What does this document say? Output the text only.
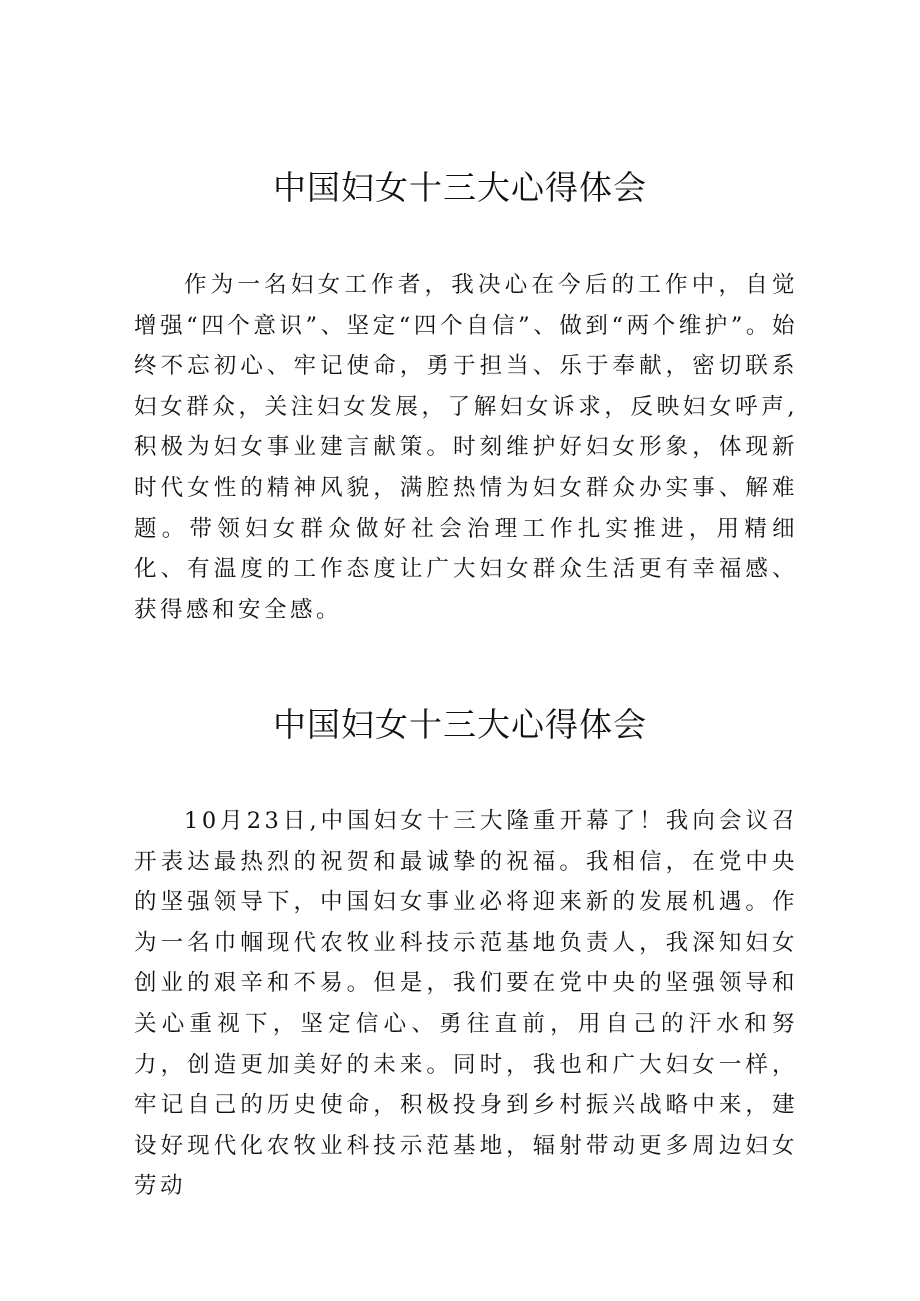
中国妇女十三大心得体会

作为一名妇女工作者，我决心在今后的工作中，自觉增强“四个意识”、坚定“四个自信”、做到“两个维护”。始终不忘初心、牢记使命，勇于担当、乐于奉献，密切联系妇女群众，关注妇女发展，了解妇女诉求，反映妇女呼声,积极为妇女事业建言献策。时刻维护好妇女形象，体现新时代女性的精神风貌，满腔热情为妇女群众办实事、解难题。带领妇女群众做好社会治理工作扎实推进，用精细化、有温度的工作态度让广大妇女群众生活更有幸福感、获得感和安全感。

中国妇女十三大心得体会

10月23日,中国妇女十三大隆重开幕了！我向会议召开表达最热烈的祝贺和最诚挚的祝福。我相信，在党中央的坚强领导下，中国妇女事业必将迎来新的发展机遇。作为一名巾帼现代农牧业科技示范基地负责人，我深知妇女创业的艰辛和不易。但是，我们要在党中央的坚强领导和关心重视下，坚定信心、勇往直前，用自己的汗水和努力，创造更加美好的未来。同时，我也和广大妇女一样，牢记自己的历史使命，积极投身到乡村振兴战略中来，建设好现代化农牧业科技示范基地，辐射带动更多周边妇女劳动
